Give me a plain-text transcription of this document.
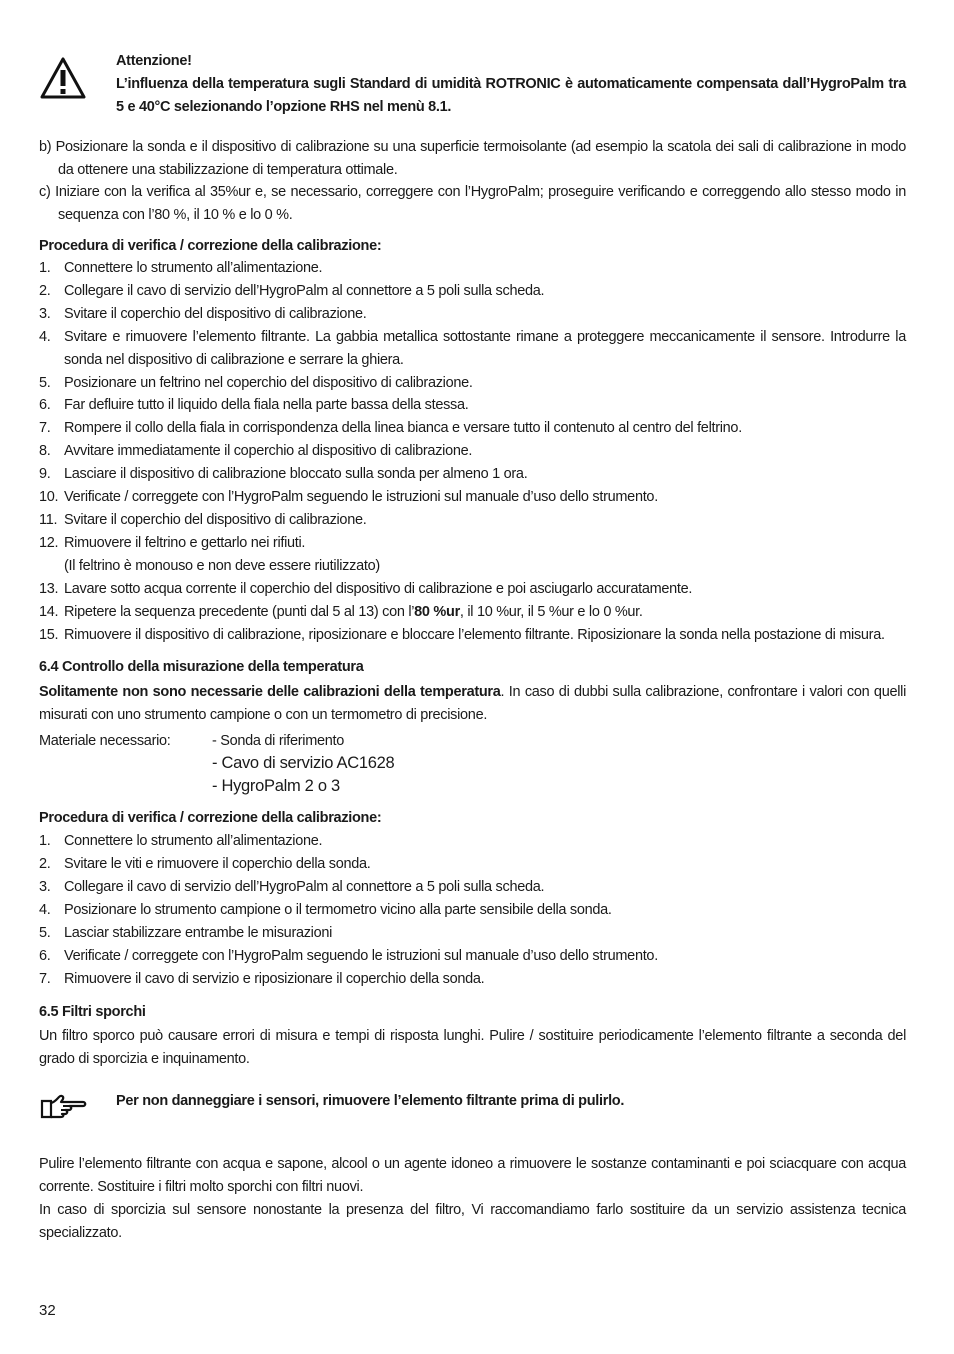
Attenzione!

L’influenza della temperatura sugli Standard di umidità ROTRONIC è automaticamente compensata dall’HygroPalm tra 5 e 40°C selezionando l’opzione RHS nel menù 8.1.

b) Posizionare la sonda e il dispositivo di calibrazione su una superficie termoisolante (ad esempio la scatola dei sali di calibrazione in modo da ottenere una stabilizzazione di temperatura ottimale.

c) Iniziare con la verifica al 35%ur e, se necessario, correggere con l’HygroPalm; proseguire verificando e correggendo allo stesso modo in sequenza con l’80 %, il 10 % e lo 0 %.

Procedura di verifica / correzione della calibrazione:

1. Connettere lo strumento all’alimentazione.
2. Collegare il cavo di servizio dell’HygroPalm al connettore a 5 poli sulla scheda.
3. Svitare il coperchio del dispositivo di calibrazione.
4. Svitare e rimuovere l’elemento filtrante. La gabbia metallica sottostante rimane a proteggere meccanicamente il sensore. Introdurre la sonda nel dispositivo di calibrazione e serrare la ghiera.
5. Posizionare un feltrino nel coperchio del dispositivo di calibrazione.
6. Far defluire tutto il liquido della fiala nella parte bassa della stessa.
7. Rompere il collo della fiala in corrispondenza della linea bianca e versare tutto il contenuto al centro del feltrino.
8. Avvitare immediatamente il coperchio al dispositivo di calibrazione.
9. Lasciare il dispositivo di calibrazione bloccato sulla sonda per almeno 1 ora.
10. Verificate / correggete con l’HygroPalm seguendo le istruzioni sul manuale d’uso dello strumento.
11. Svitare il coperchio del dispositivo di calibrazione.
12. Rimuovere il feltrino e gettarlo nei rifiuti.
(Il feltrino è monouso e non deve essere riutilizzato)
13. Lavare sotto acqua corrente il coperchio del dispositivo di calibrazione e poi asciugarlo accuratamente.
14. Ripetere la sequenza precedente (punti dal 5 al 13) con l’80 %ur, il 10 %ur, il 5 %ur e lo 0 %ur.
15. Rimuovere il dispositivo di calibrazione, riposizionare e bloccare l’elemento filtrante. Riposizionare la sonda nella postazione di misura.

6.4 Controllo della misurazione della temperatura

Solitamente non sono necessarie delle calibrazioni della temperatura. In caso di dubbi sulla calibrazione, confrontare i valori con quelli misurati con uno strumento campione o con un termometro di precisione.

Materiale necessario:	- Sonda di riferimento
- Cavo di servizio AC1628
- HygroPalm 2 o 3

Procedura di verifica / correzione della calibrazione:

1. Connettere lo strumento all’alimentazione.
2. Svitare le viti e rimuovere il coperchio della sonda.
3. Collegare il cavo di servizio dell’HygroPalm al connettore a 5 poli sulla scheda.
4. Posizionare lo strumento campione o il termometro vicino alla parte sensibile della sonda.
5. Lasciar stabilizzare entrambe le misurazioni
6. Verificate / correggete con l’HygroPalm seguendo le istruzioni sul manuale d’uso dello strumento.
7. Rimuovere il cavo di servizio e riposizionare il coperchio della sonda.

6.5 Filtri sporchi

Un filtro sporco può causare errori di misura e tempi di risposta lunghi. Pulire / sostituire periodicamente l’elemento filtrante a seconda del grado di sporcizia e inquinamento.

Per non danneggiare i sensori, rimuovere l’elemento filtrante prima di pulirlo.

Pulire l’elemento filtrante con acqua e sapone, alcool o un agente idoneo a rimuovere le sostanze contaminanti e poi sciacquare con acqua corrente. Sostituire i filtri molto sporchi con filtri nuovi.

In caso di sporcizia sul sensore nonostante la presenza del filtro, Vi raccomandiamo farlo sostituire da un servizio assistenza tecnica specializzato.

32
